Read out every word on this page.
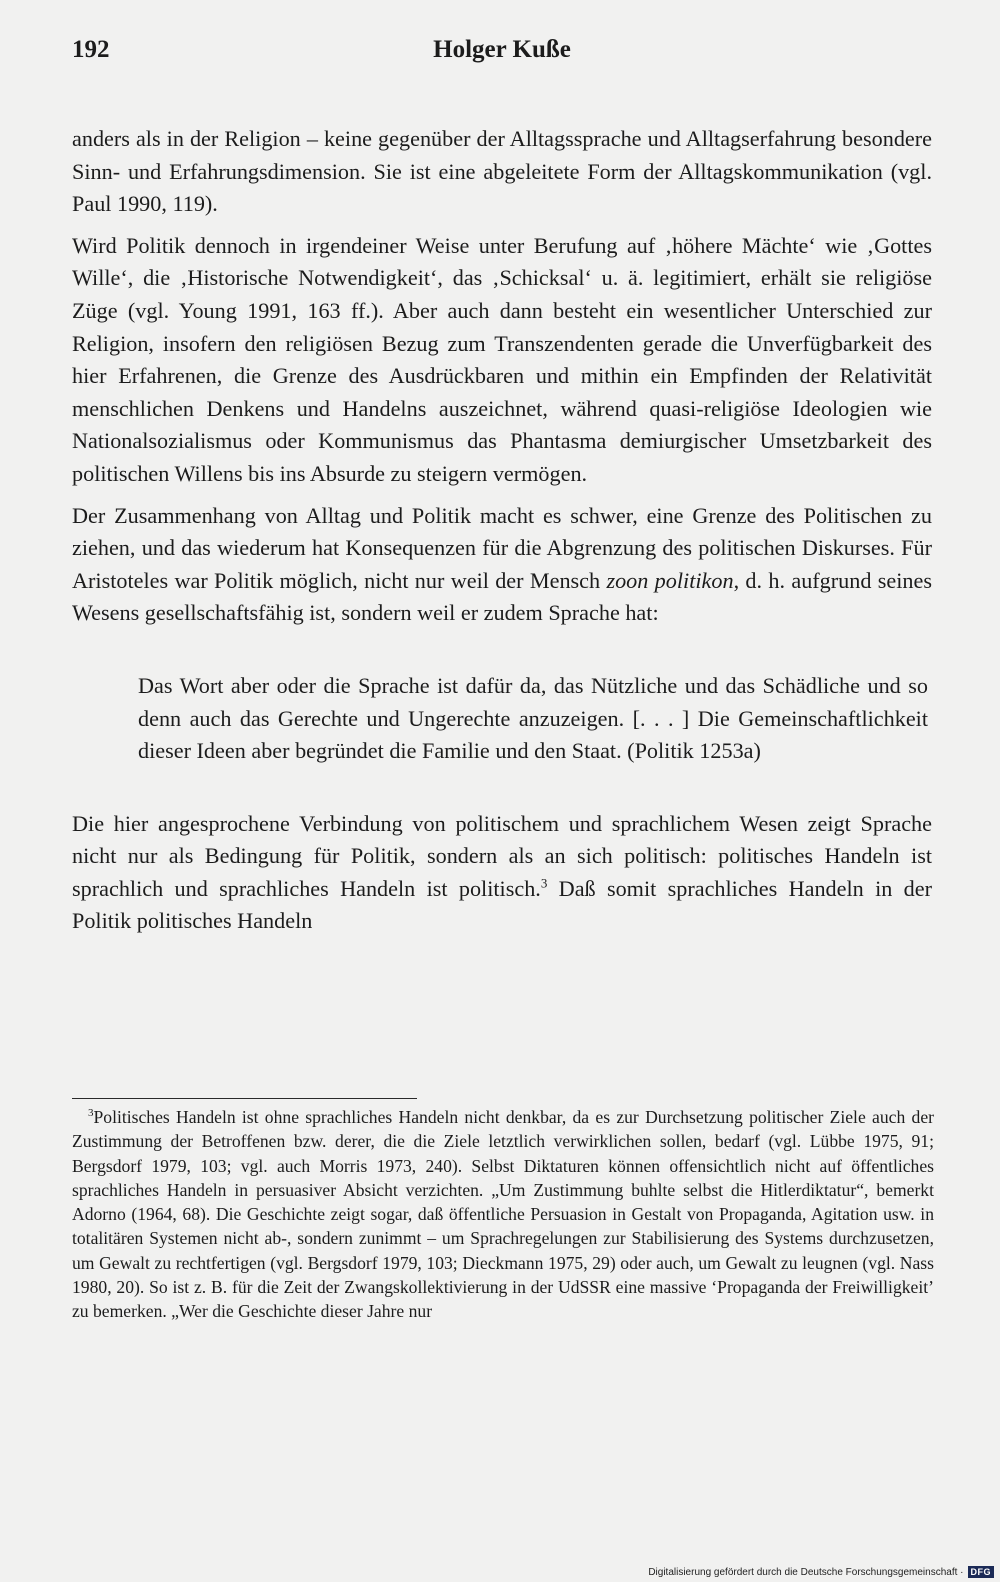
192	Holger Kuße

anders als in der Religion – keine gegenüber der Alltagssprache und Alltagserfahrung besondere Sinn- und Erfahrungsdimension. Sie ist eine abgeleitete Form der Alltagskommunikation (vgl. Paul 1990, 119).

Wird Politik dennoch in irgendeiner Weise unter Berufung auf ‚höhere Mächte‘ wie ‚Gottes Wille‘, die ‚Historische Notwendigkeit‘, das ‚Schicksal‘ u. ä. legitimiert, erhält sie religiöse Züge (vgl. Young 1991, 163 ff.). Aber auch dann besteht ein wesentlicher Unterschied zur Religion, insofern den religiösen Bezug zum Transzendenten gerade die Unverfügbarkeit des hier Erfahrenen, die Grenze des Ausdrückbaren und mithin ein Empfinden der Relativität menschlichen Denkens und Handelns auszeichnet, während quasi-religiöse Ideologien wie Nationalsozialismus oder Kommunismus das Phantasma demiurgischer Umsetzbarkeit des politischen Willens bis ins Absurde zu steigern vermögen.

Der Zusammenhang von Alltag und Politik macht es schwer, eine Grenze des Politischen zu ziehen, und das wiederum hat Konsequenzen für die Abgrenzung des politischen Diskurses. Für Aristoteles war Politik möglich, nicht nur weil der Mensch zoon politikon, d. h. aufgrund seines Wesens gesellschaftsfähig ist, sondern weil er zudem Sprache hat:

Das Wort aber oder die Sprache ist dafür da, das Nützliche und das Schädliche und so denn auch das Gerechte und Ungerechte anzuzeigen. [. . . ] Die Gemeinschaftlichkeit dieser Ideen aber begründet die Familie und den Staat. (Politik 1253a)

Die hier angesprochene Verbindung von politischem und sprachlichem Wesen zeigt Sprache nicht nur als Bedingung für Politik, sondern als an sich politisch: politisches Handeln ist sprachlich und sprachliches Handeln ist politisch.$^3$ Daß somit sprachliches Handeln in der Politik politisches Handeln

$^3$Politisches Handeln ist ohne sprachliches Handeln nicht denkbar, da es zur Durchsetzung politischer Ziele auch der Zustimmung der Betroffenen bzw. derer, die die Ziele letztlich verwirklichen sollen, bedarf (vgl. Lübbe 1975, 91; Bergsdorf 1979, 103; vgl. auch Morris 1973, 240). Selbst Diktaturen können offensichtlich nicht auf öffentliches sprachliches Handeln in persuasiver Absicht verzichten. „Um Zustimmung buhlte selbst die Hitlerdiktatur“, bemerkt Adorno (1964, 68). Die Geschichte zeigt sogar, daß öffentliche Persuasion in Gestalt von Propaganda, Agitation usw. in totalitären Systemen nicht ab-, sondern zunimmt – um Sprachregelungen zur Stabilisierung des Systems durchzusetzen, um Gewalt zu rechtfertigen (vgl. Bergsdorf 1979, 103; Dieckmann 1975, 29) oder auch, um Gewalt zu leugnen (vgl. Nass 1980, 20). So ist z. B. für die Zeit der Zwangskollektivierung in der UdSSR eine massive ‘Propaganda der Freiwilligkeit’ zu bemerken. „Wer die Geschichte dieser Jahre nur

Digitalisierung gefördert durch die Deutsche Forschungsgemeinschaft · DFG
